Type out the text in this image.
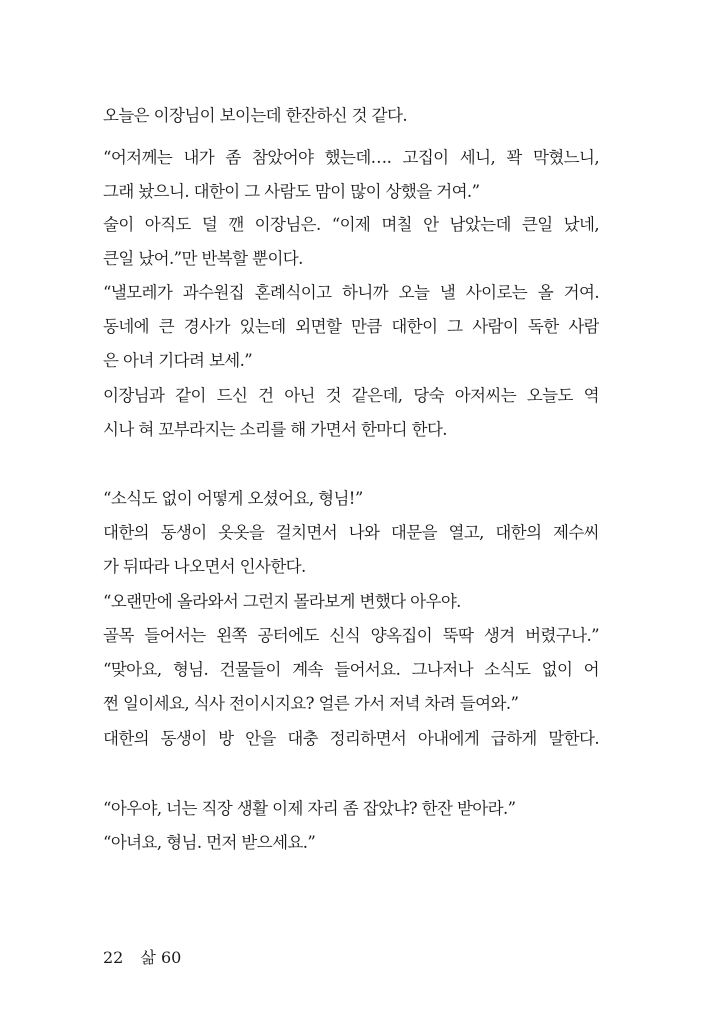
오늘은 이장님이 보이는데 한잔하신 것 같다.
“어저께는 내가 좀 참았어야 했는데…. 고집이 세니, 꽉 막혔느니,
그래 놨으니. 대한이 그 사람도 맘이 많이 상했을 거여.”
술이 아직도 덜 깬 이장님은. “이제 며칠 안 남았는데 큰일 났네,
큰일 났어.”만 반복할 뿐이다.
“낼모레가 과수원집 혼례식이고 하니까 오늘 낼 사이로는 올 거여.
동네에 큰 경사가 있는데 외면할 만큼 대한이 그 사람이 독한 사람
은 아녀 기다려 보세.”
이장님과 같이 드신 건 아닌 것 같은데, 당숙 아저씨는 오늘도 역
시나 혀 꼬부라지는 소리를 해 가면서 한마디 한다.
“소식도 없이 어떻게 오셨어요, 형님!”
대한의 동생이 옷옷을 걸치면서 나와 대문을 열고, 대한의 제수씨
가 뒤따라 나오면서 인사한다.
“오랜만에 올라와서 그런지 몰라보게 변했다 아우야.
골목 들어서는 왼쪽 공터에도 신식 양옥집이 뚝딱 생겨 버렸구나.”
“맞아요, 형님. 건물들이 계속 들어서요. 그나저나 소식도 없이 어
쩐 일이세요, 식사 전이시지요? 얼른 가서 저녁 차려 들여와.”
대한의 동생이 방 안을 대충 정리하면서 아내에게 급하게 말한다.
“아우야, 너는 직장 생활 이제 자리 좀 잡았냐? 한잔 받아라.”
“아녀요, 형님. 먼저 받으세요.”
22 삶 60
